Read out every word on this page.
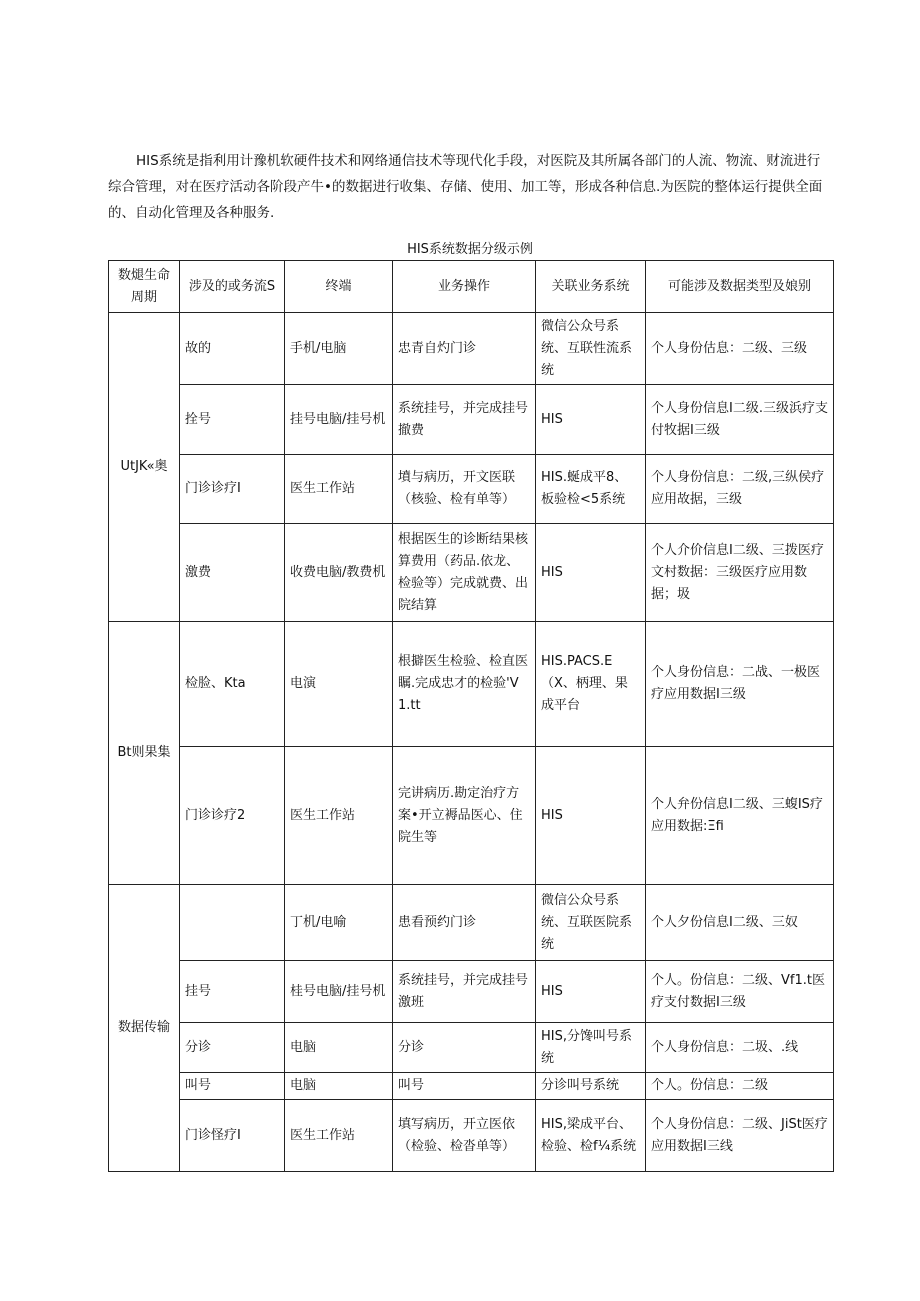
HIS系统是指利用计豫机软硬件技术和网络通信技术等现代化手段，对医院及其所属各部门的人流、物流、财流进行综合管理，对在医疗活动各阶段产牛•的数据进行收集、存储、使用、加工等，形成各种信息.为医院的整体运行提供全面的、自动化管理及各种服务.

HIS系统数据分级示例
数煺生命周期	涉及的或务流S	终端	业务操作	关联业务系统	可能涉及数据类型及娘别
UtJK«奥	故的	手机/电脑	忠青自灼门诊	微信公众号系统、互联性流系统	个人身份估息：二级、三级
	拴号	挂号电脑/挂号机	系统挂号，并完成挂号撤费	HIS	个人身份信息I二级.三级浜疗支付牧据I三级
	门诊诊疗I	医生工作站	墳与病历，开文医联（核验、检有单等）	HIS.蜒成平8、板验检<5系统	个人身份信息：二级,三纵侯疗应用故据，三级
	激费	收费电脑/教费机	根据医生的诊断结果核算费用（药品.依龙、检验等）完成就费、出院结算	HIS	个人介价信息I二级、三拨医疗文村数据：三级医疗应用数据；圾
Bt则果集	检脸、Kta	电演	根擗医生检验、检直医瞩.完成忠才的检验'V1.tt	HIS.PACS.E（X、柄理、果成平台	个人身份信息：二战、一极医疗应用数据I三级
	门诊诊疗2	医生工作站	完讲病历.勘定治疗方案•开立褥品医心、住院生等	HIS	个人弁份信息I二级、三蝮IS疗应用数据:Ξfi
数据传输		丁机/电喻	患看预约门诊	微信公众号系统、互联医院系统	个人夕份信息I二级、三奴
	挂号	桂号电脑/挂号机	系统挂号，并完成挂号激班	HIS	个人。份信息：二级、Vf1.t医疗支付数据I三级
	分诊	电脑	分诊	HIS,分馋叫号系统	个人身份信息：二圾、.线
	叫号	电脑	叫号	分诊叫号系统	个人。份信息：二级
	门诊怪疗I	医生工作站	填写病历，开立医依（检验、检沓单等）	HIS,梁成平台、检验、检f¼系统	个人身份信息：二级、JiSt医疗应用数据I三线
